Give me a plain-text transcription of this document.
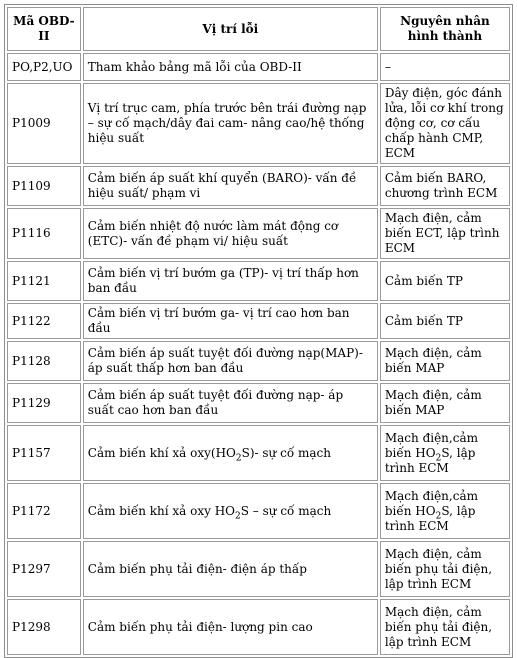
Mã OBD-II	Vị trí lỗi	Nguyên nhân hình thành
PO,P2,UO	Tham khảo bảng mã lỗi của OBD-II	–
P1009	Vị trí trục cam, phía trước bên trái đường nạp – sự cố mạch/dây đai cam- nâng cao/hệ thống hiệu suất	Dây điện, góc đánh lửa, lỗi cơ khí trong động cơ, cơ cấu chấp hành CMP, ECM
P1109	Cảm biến áp suất khí quyển (BARO)- vấn đề hiệu suất/ phạm vi	Cảm biến BARO, chương trình ECM
P1116	Cảm biến nhiệt độ nước làm mát động cơ (ETC)- vấn đề phạm vi/ hiệu suất	Mạch điện, cảm biến ECT, lập trình ECM
P1121	Cảm biến vị trí bướm ga (TP)- vị trí thấp hơn ban đầu	Cảm biến TP
P1122	Cảm biến vị trí bướm ga- vị trí cao hơn ban đầu	Cảm biến TP
P1128	Cảm biến áp suất tuyệt đối đường nạp(MAP)- áp suất thấp hơn ban đầu	Mạch điện, cảm biến MAP
P1129	Cảm biến áp suất tuyệt đối đường nạp- áp suất cao hơn ban đầu	Mạch điện, cảm biến MAP
P1157	Cảm biến khí xả $oxy(HO_2S)-$ sự cố mạch	Mạch điện,cảm biến $HO_2S$, lập trình ECM
P1172	Cảm biến khí xả oxy $HO_2S$ – sự cố mạch	Mạch điện,cảm biến $HO_2S$, lập trình ECM
P1297	Cảm biến phụ tải điện- điện áp thấp	Mạch điện, cảm biến phụ tải điện, lập trình ECM
P1298	Cảm biến phụ tải điện- lượng pin cao	Mạch điện, cảm biến phụ tải điện, lập trình ECM
